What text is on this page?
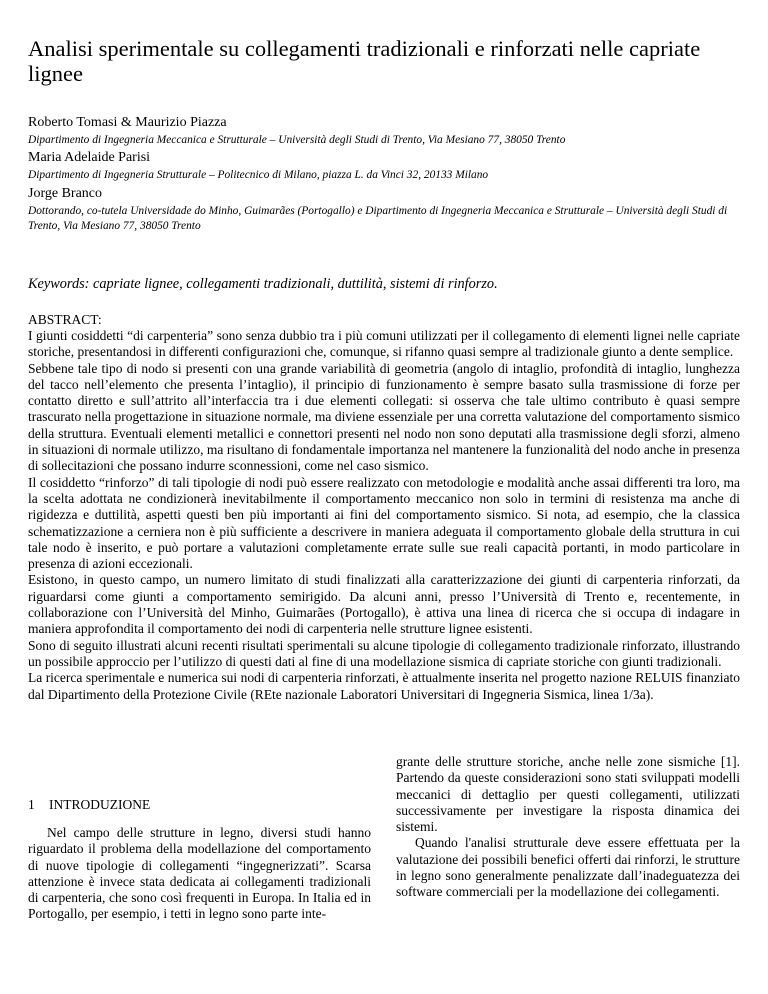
Analisi sperimentale su collegamenti tradizionali e rinforzati nelle capriate lignee
Roberto Tomasi & Maurizio Piazza
Dipartimento di Ingegneria Meccanica e Strutturale – Università degli Studi di Trento, Via Mesiano 77, 38050 Trento
Maria Adelaide Parisi
Dipartimento di Ingegneria Strutturale – Politecnico di Milano, piazza L. da Vinci 32, 20133 Milano
Jorge Branco
Dottorando, co-tutela Universidade do Minho, Guimarães (Portogallo) e Dipartimento di Ingegneria Meccanica e Strutturale – Università degli Studi di Trento, Via Mesiano 77, 38050 Trento
Keywords: capriate lignee, collegamenti tradizionali, duttilità, sistemi di rinforzo.
ABSTRACT:

I giunti cosiddetti “di carpenteria” sono senza dubbio tra i più comuni utilizzati per il collegamento di elementi lignei nelle capriate storiche, presentandosi in differenti configurazioni che, comunque, si rifanno quasi sempre al tradizionale giunto a dente semplice.

Sebbene tale tipo di nodo si presenti con una grande variabilità di geometria (angolo di intaglio, profondità di intaglio, lunghezza del tacco nell’elemento che presenta l’intaglio), il principio di funzionamento è sempre basato sulla trasmissione di forze per contatto diretto e sull’attrito all’interfaccia tra i due elementi collegati: si osserva che tale ultimo contributo è quasi sempre trascurato nella progettazione in situazione normale, ma diviene essenziale per una corretta valutazione del comportamento sismico della struttura. Eventuali elementi metallici e connettori presenti nel nodo non sono deputati alla trasmissione degli sforzi, almeno in situazioni di normale utilizzo, ma risultano di fondamentale importanza nel mantenere la funzionalità del nodo anche in presenza di sollecitazioni che possano indurre sconnessioni, come nel caso sismico.

Il cosiddetto “rinforzo” di tali tipologie di nodi può essere realizzato con metodologie e modalità anche assai differenti tra loro, ma la scelta adottata ne condizionerà inevitabilmente il comportamento meccanico non solo in termini di resistenza ma anche di rigidezza e duttilità, aspetti questi ben più importanti ai fini del comportamento sismico. Si nota, ad esempio, che la classica schematizzazione a cerniera non è più sufficiente a descrivere in maniera adeguata il comportamento globale della struttura in cui tale nodo è inserito, e può portare a valutazioni completamente errate sulle sue reali capacità portanti, in modo particolare in presenza di azioni eccezionali.

Esistono, in questo campo, un numero limitato di studi finalizzati alla caratterizzazione dei giunti di carpenteria rinforzati, da riguardarsi come giunti a comportamento semirigido. Da alcuni anni, presso l’Università di Trento e, recentemente, in collaborazione con l’Università del Minho, Guimarães (Portogallo), è attiva una linea di ricerca che si occupa di indagare in maniera approfondita il comportamento dei nodi di carpenteria nelle strutture lignee esistenti.

Sono di seguito illustrati alcuni recenti risultati sperimentali su alcune tipologie di collegamento tradizionale rinforzato, illustrando un possibile approccio per l’utilizzo di questi dati al fine di una modellazione sismica di capriate storiche con giunti tradizionali.

La ricerca sperimentale e numerica sui nodi di carpenteria rinforzati, è attualmente inserita nel progetto nazione RELUIS finanziato dal Dipartimento della Protezione Civile (REte nazionale Laboratori Universitari di Ingegneria Sismica, linea 1/3a).

1 INTRODUZIONE

Nel campo delle strutture in legno, diversi studi hanno riguardato il problema della modellazione del comportamento di nuove tipologie di collegamenti “ingegnerizzati”. Scarsa attenzione è invece stata dedicata ai collegamenti tradizionali di carpenteria, che sono così frequenti in Europa. In Italia ed in Portogallo, per esempio, i tetti in legno sono parte inte-

grante delle strutture storiche, anche nelle zone sismiche [1]. Partendo da queste considerazioni sono stati sviluppati modelli meccanici di dettaglio per questi collegamenti, utilizzati successivamente per investigare la risposta dinamica dei sistemi.

Quando l'analisi strutturale deve essere effettuata per la valutazione dei possibili benefici offerti dai rinforzi, le strutture in legno sono generalmente penalizzate dall’inadeguatezza dei software commerciali per la modellazione dei collegamenti.
